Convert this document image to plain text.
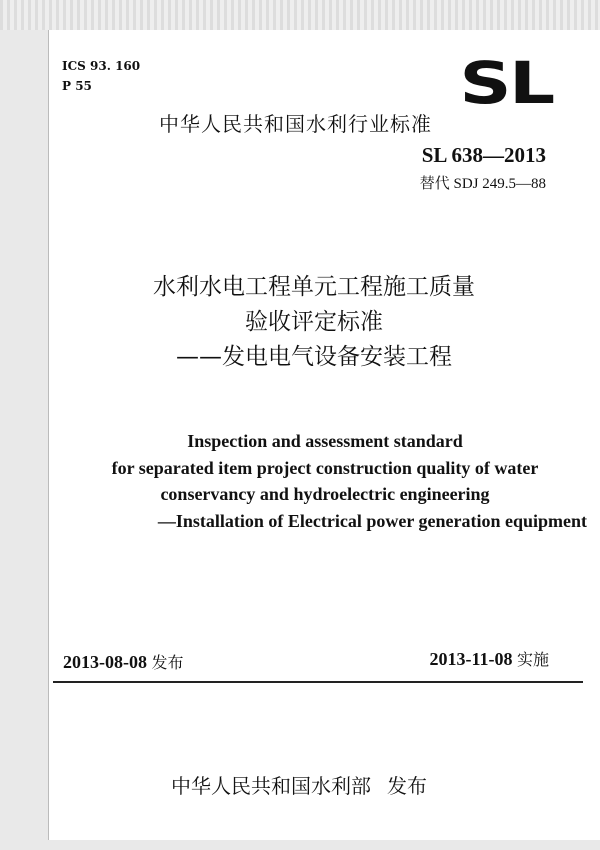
ICS 93. 160
P 55	SL
中华人民共和国水利行业标准
SL 638—2013
替代 SDJ 249.5—88
水利水电工程单元工程施工质量
验收评定标准
——发电电气设备安装工程
Inspection and assessment standard
for separated item project construction quality of water
conservancy and hydroelectric engineering
—Installation of Electrical power generation equipment
2013-08-08 发布	2013-11-08 实施
中华人民共和国水利部 发布
